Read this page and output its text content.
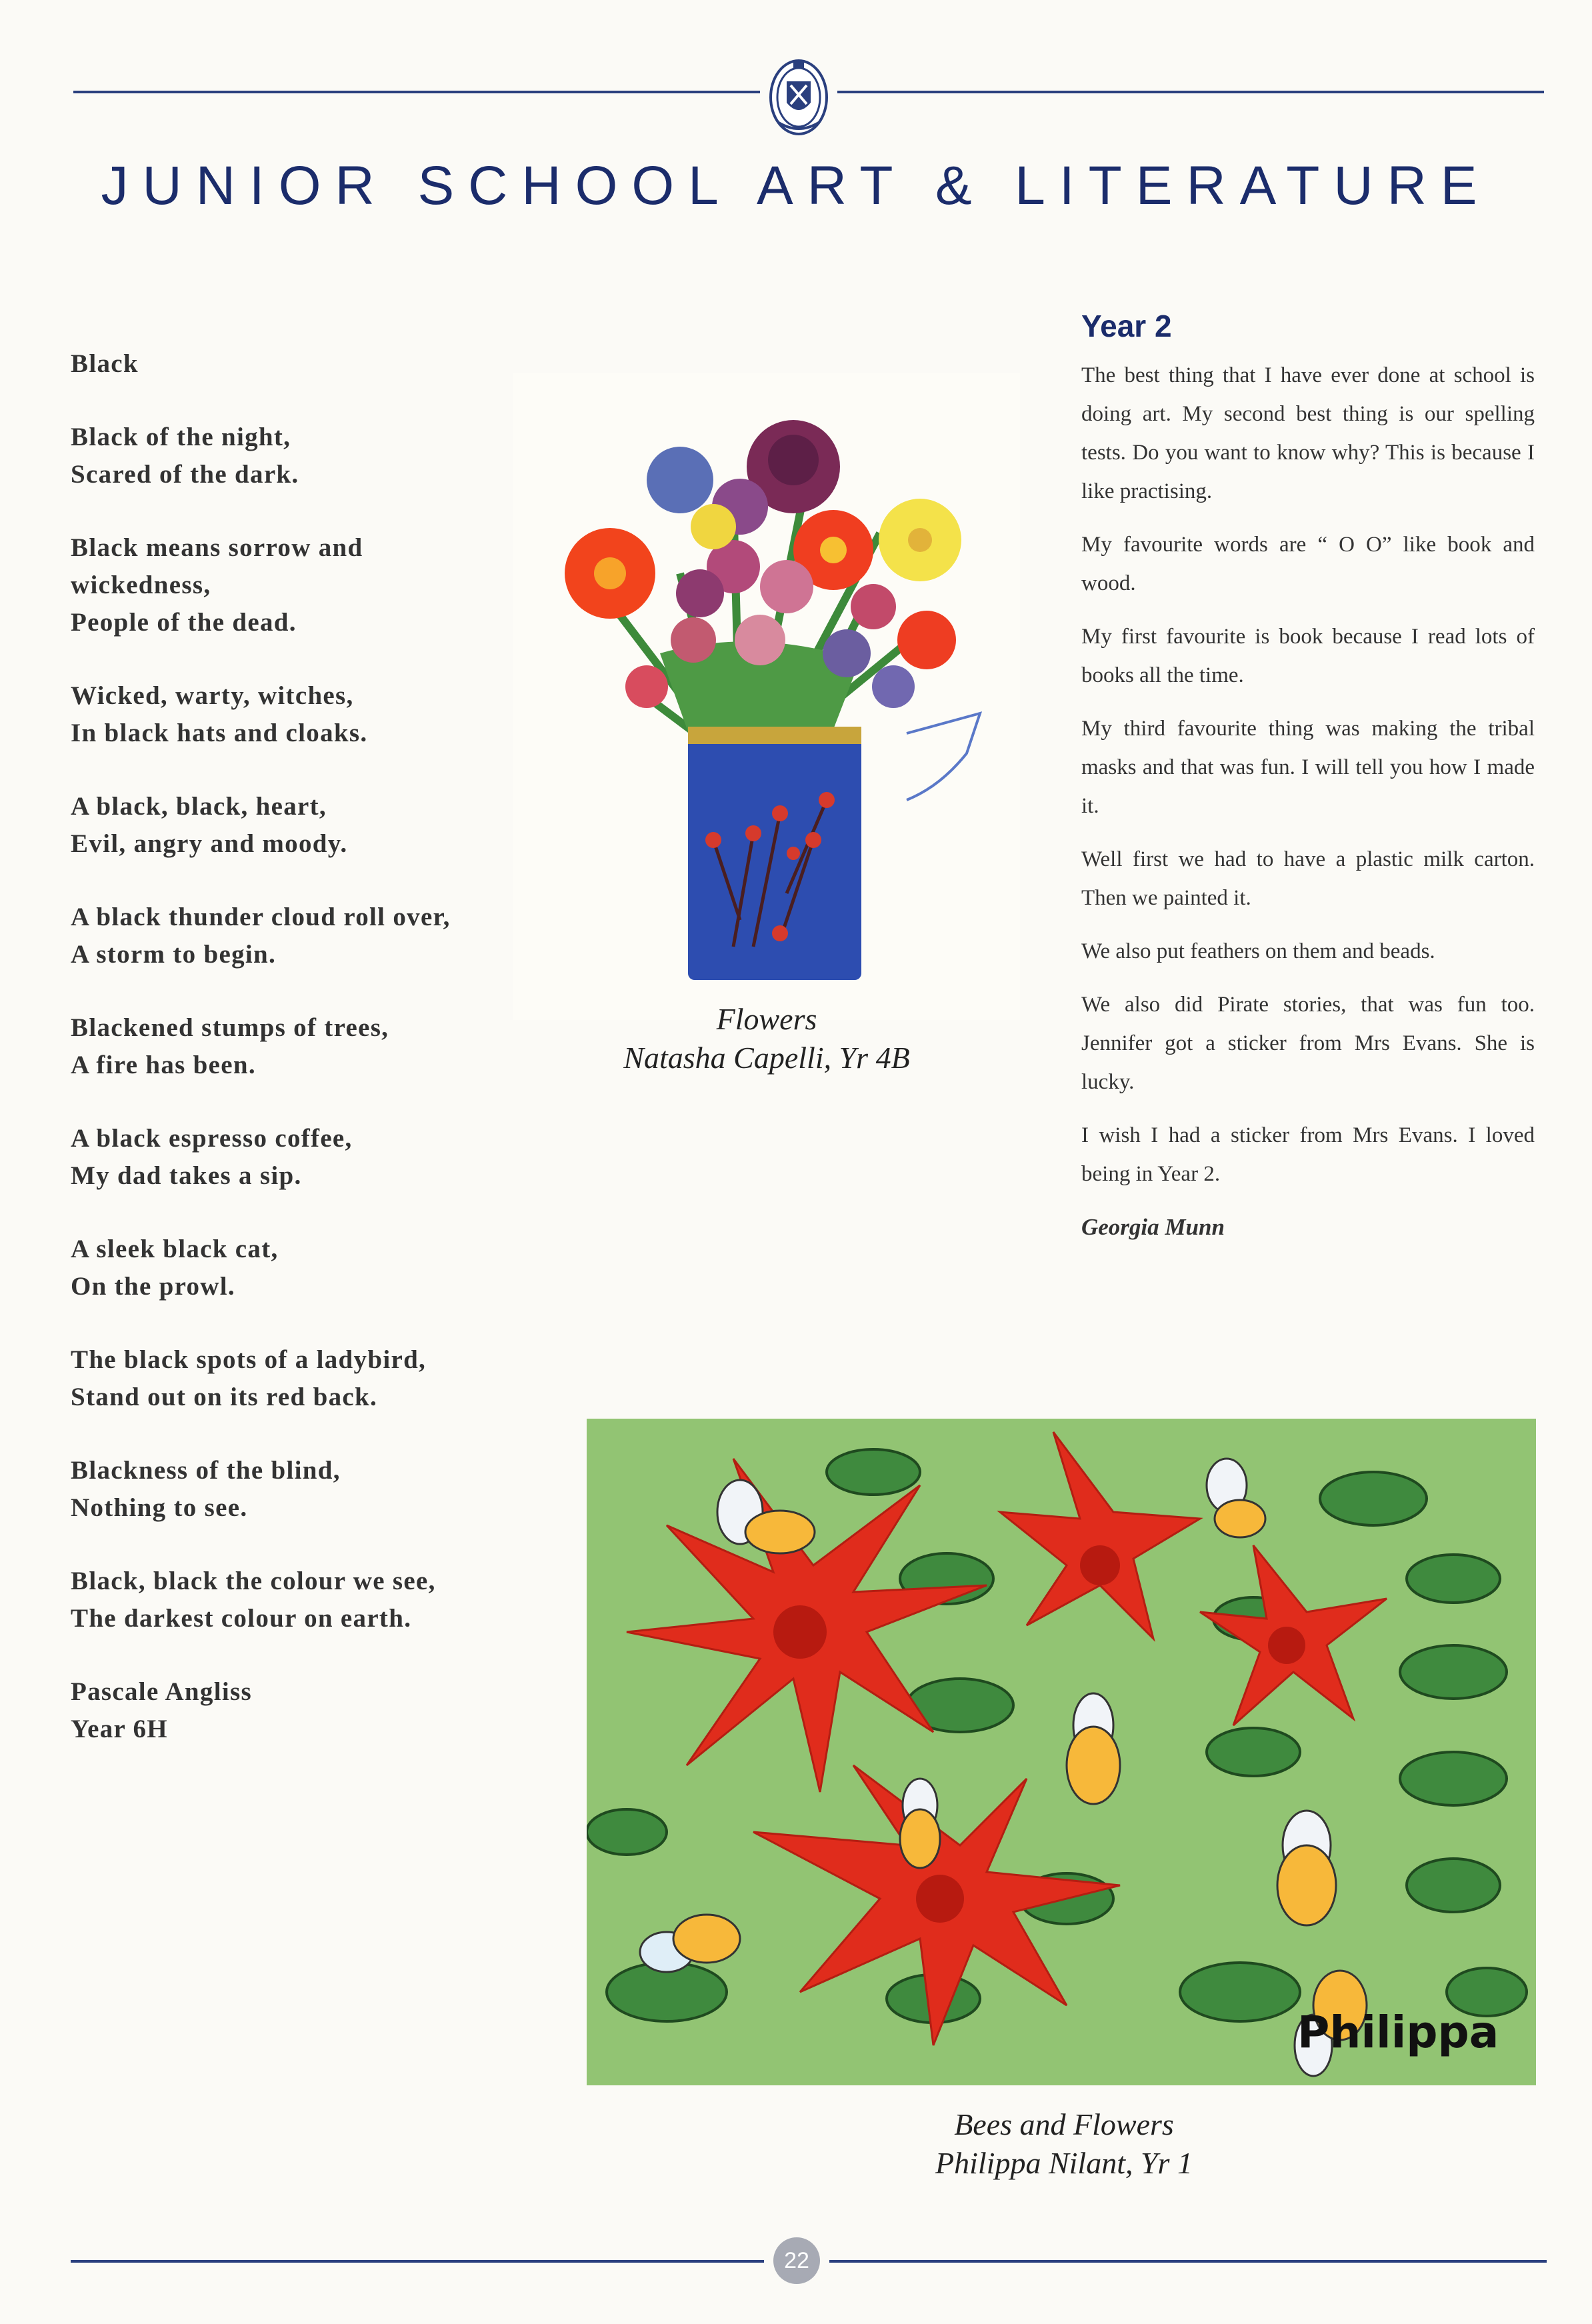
JUNIOR SCHOOL ART & LITERATURE
Black
Black of the night,
Scared of the dark.
Black means sorrow and
wickedness,
People of the dead.
Wicked, warty, witches,
In black hats and cloaks.
A black, black, heart,
Evil, angry and moody.
A black thunder cloud roll over,
A storm to begin.
Blackened stumps of trees,
A fire has been.
A black espresso coffee,
My dad takes a sip.
A sleek black cat,
On the prowl.
The black spots of a ladybird,
Stand out on its red back.
Blackness of the blind,
Nothing to see.
Black, black the colour we see,
The darkest colour on earth.
Pascale Angliss
Year 6H
Flowers
Natasha Capelli, Yr 4B
Year 2

The best thing that I have ever done at school is doing art. My second best thing is our spelling tests. Do you want to know why? This is because I like practising.

My favourite words are “ O O” like book and wood.

My first favourite is book because I read lots of books all the time.

My third favourite thing was making the tribal masks and that was fun. I will tell you how I made it.

Well first we had to have a plastic milk carton. Then we painted it.

We also put feathers on them and beads.

We also did Pirate stories, that was fun too. Jennifer got a sticker from Mrs Evans. She is lucky.

I wish I had a sticker from Mrs Evans. I loved being in Year 2.

Georgia Munn

Philippa
Bees and Flowers
Philippa Nilant, Yr 1
22
